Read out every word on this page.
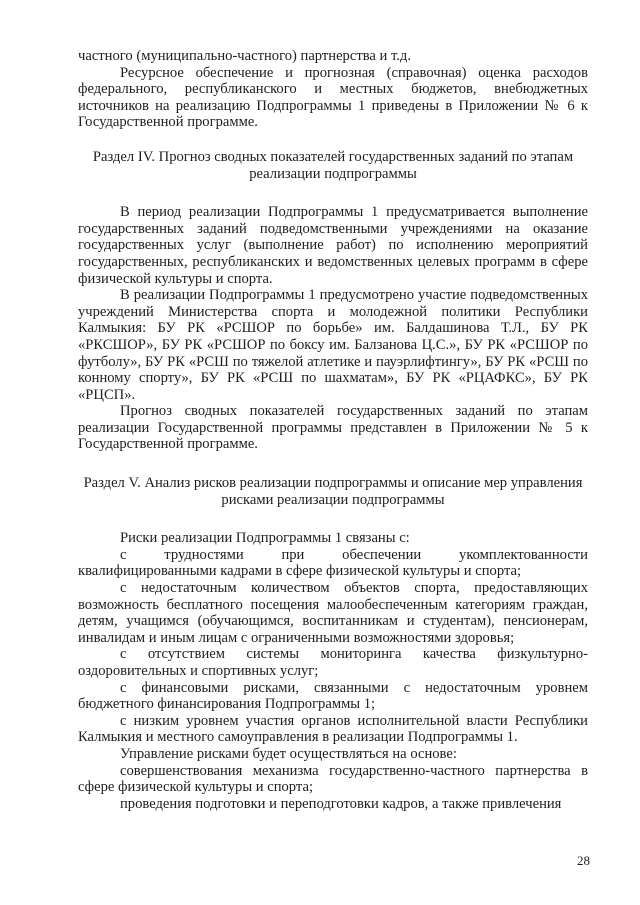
частного (муниципально-частного) партнерства и т.д.

Ресурсное обеспечение и прогнозная (справочная) оценка расходов федерального, республиканского и местных бюджетов, внебюджетных источников на реализацию Подпрограммы 1 приведены в Приложении № 6 к Государственной программе.

Раздел IV. Прогноз сводных показателей государственных заданий по этапам реализации подпрограммы

В период реализации Подпрограммы 1 предусматривается выполнение государственных заданий подведомственными учреждениями на оказание государственных услуг (выполнение работ) по исполнению мероприятий государственных, республиканских и ведомственных целевых программ в сфере физической культуры и спорта.

В реализации Подпрограммы 1 предусмотрено участие подведомственных учреждений Министерства спорта и молодежной политики Республики Калмыкия: БУ РК «РСШОР по борьбе» им. Балдашинова Т.Л., БУ РК «РКСШОР», БУ РК «РСШОР по боксу им. Балзанова Ц.С.», БУ РК «РСШОР по футболу», БУ РК «РСШ по тяжелой атлетике и пауэрлифтингу», БУ РК «РСШ по конному спорту», БУ РК «РСШ по шахматам», БУ РК «РЦАФКС», БУ РК «РЦСП».

Прогноз сводных показателей государственных заданий по этапам реализации Государственной программы представлен в Приложении № 5 к Государственной программе.

Раздел V. Анализ рисков реализации подпрограммы и описание мер управления рисками реализации подпрограммы

Риски реализации Подпрограммы 1 связаны с:

с трудностями при обеспечении укомплектованности квалифицированными кадрами в сфере физической культуры и спорта;

с недостаточным количеством объектов спорта, предоставляющих возможность бесплатного посещения малообеспеченным категориям граждан, детям, учащимся (обучающимся, воспитанникам и студентам), пенсионерам, инвалидам и иным лицам с ограниченными возможностями здоровья;

с отсутствием системы мониторинга качества физкультурно-оздоровительных и спортивных услуг;

с финансовыми рисками, связанными с недостаточным уровнем бюджетного финансирования Подпрограммы 1;

с низким уровнем участия органов исполнительной власти Республики Калмыкия и местного самоуправления в реализации Подпрограммы 1.

Управление рисками будет осуществляться на основе:

совершенствования механизма государственно-частного партнерства в сфере физической культуры и спорта;

проведения подготовки и переподготовки кадров, а также привлечения

28
